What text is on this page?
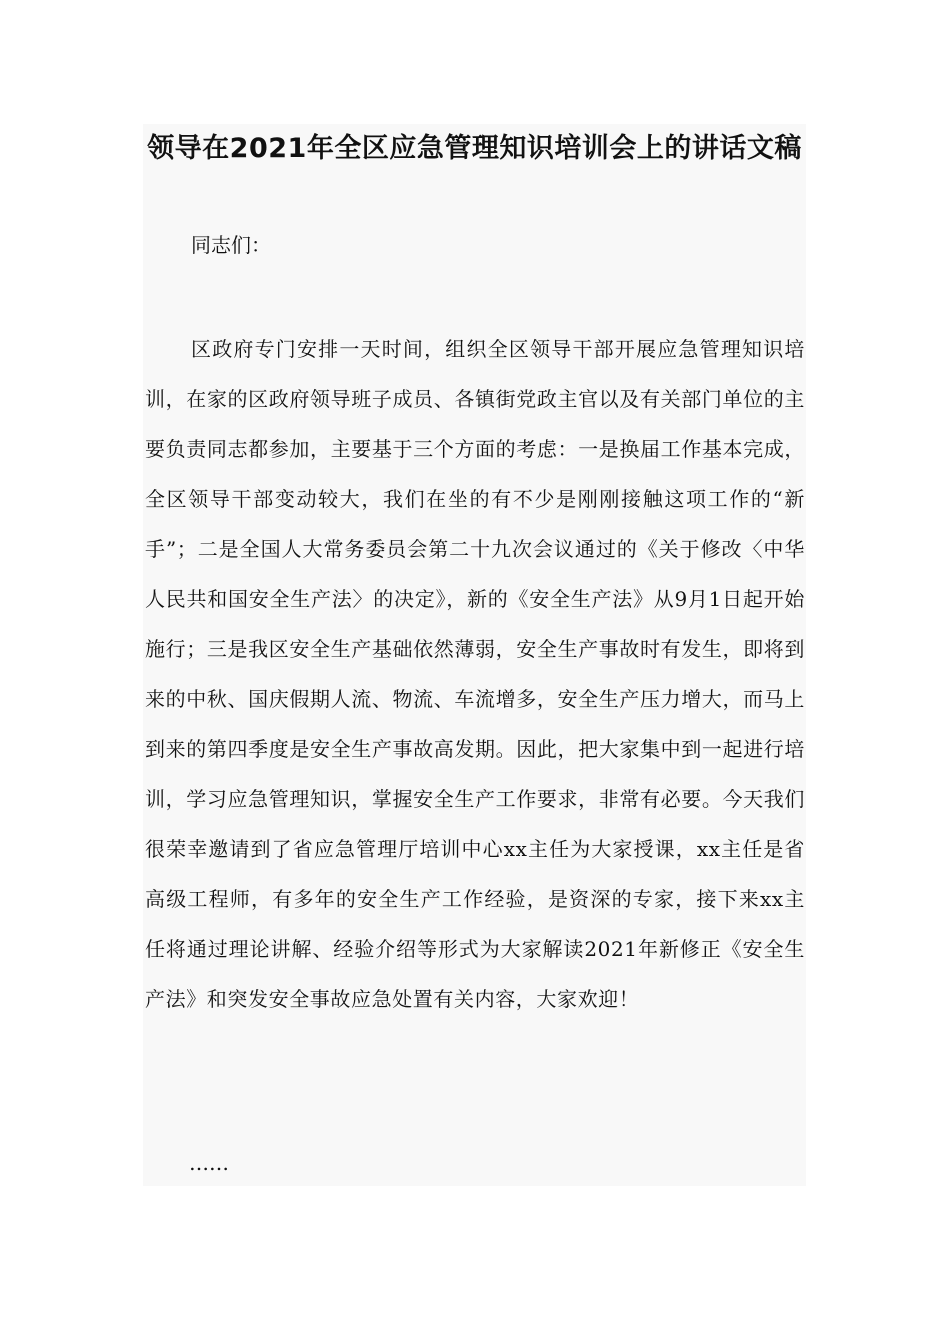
领导在2021年全区应急管理知识培训会上的讲话文稿

同志们：

区政府专门安排一天时间，组织全区领导干部开展应急管理知识培训，在家的区政府领导班子成员、各镇街党政主官以及有关部门单位的主要负责同志都参加，主要基于三个方面的考虑：一是换届工作基本完成，全区领导干部变动较大，我们在坐的有不少是刚刚接触这项工作的“新手”；二是全国人大常务委员会第二十九次会议通过的《关于修改〈中华人民共和国安全生产法〉的决定》，新的《安全生产法》从9月1日起开始施行；三是我区安全生产基础依然薄弱，安全生产事故时有发生，即将到来的中秋、国庆假期人流、物流、车流增多，安全生产压力增大，而马上到来的第四季度是安全生产事故高发期。因此，把大家集中到一起进行培训，学习应急管理知识，掌握安全生产工作要求，非常有必要。今天我们很荣幸邀请到了省应急管理厅培训中心xx主任为大家授课，xx主任是省高级工程师，有多年的安全生产工作经验，是资深的专家，接下来xx主任将通过理论讲解、经验介绍等形式为大家解读2021年新修正《安全生产法》和突发安全事故应急处置有关内容，大家欢迎！

……
